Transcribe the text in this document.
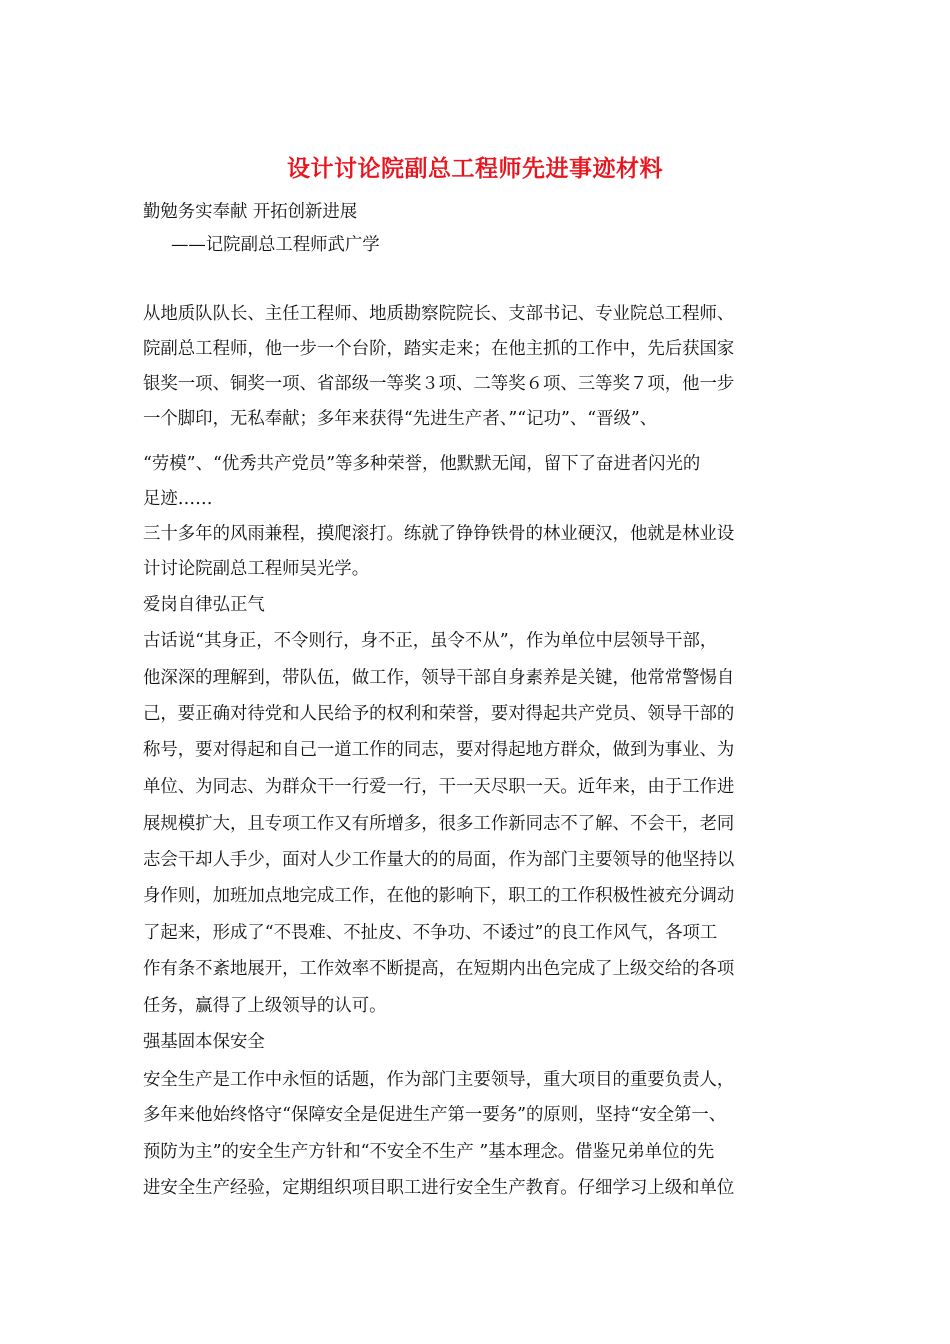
设计讨论院副总工程师先进事迹材料

勤勉务实奉献 开拓创新进展

——记院副总工程师武广学

从地质队队长、主任工程师、地质勘察院院长、支部书记、专业院总工程师、

院副总工程师，他一步一个台阶，踏实走来；在他主抓的工作中，先后获国家

银奖一项、铜奖一项、省部级一等奖３项、二等奖６项、三等奖７项，他一步

一个脚印，无私奉献；多年来获得“先进生产者、”“记功”、“晋级”、

“劳模”、“优秀共产党员”等多种荣誉，他默默无闻，留下了奋进者闪光的

足迹……

三十多年的风雨兼程，摸爬滚打。练就了铮铮铁骨的林业硬汉，他就是林业设

计讨论院副总工程师吴光学。

爱岗自律弘正气

古话说“其身正，不令则行，身不正，虽令不从”，作为单位中层领导干部，

他深深的理解到，带队伍，做工作，领导干部自身素养是关键，他常常警惕自

己，要正确对待党和人民给予的权利和荣誉，要对得起共产党员、领导干部的

称号，要对得起和自己一道工作的同志，要对得起地方群众，做到为事业、为

单位、为同志、为群众干一行爱一行，干一天尽职一天。近年来，由于工作进

展规模扩大，且专项工作又有所增多，很多工作新同志不了解、不会干，老同

志会干却人手少，面对人少工作量大的的局面，作为部门主要领导的他坚持以

身作则，加班加点地完成工作，在他的影响下，职工的工作积极性被充分调动

了起来，形成了“不畏难、不扯皮、不争功、不诿过”的良工作风气，各项工

作有条不紊地展开，工作效率不断提高，在短期内出色完成了上级交给的各项

任务，赢得了上级领导的认可。

强基固本保安全

安全生产是工作中永恒的话题，作为部门主要领导，重大项目的重要负责人，

多年来他始终恪守“保障安全是促进生产第一要务”的原则，坚持“安全第一、

预防为主”的安全生产方针和“不安全不生产 ”基本理念。借鉴兄弟单位的先

进安全生产经验，定期组织项目职工进行安全生产教育。仔细学习上级和单位
